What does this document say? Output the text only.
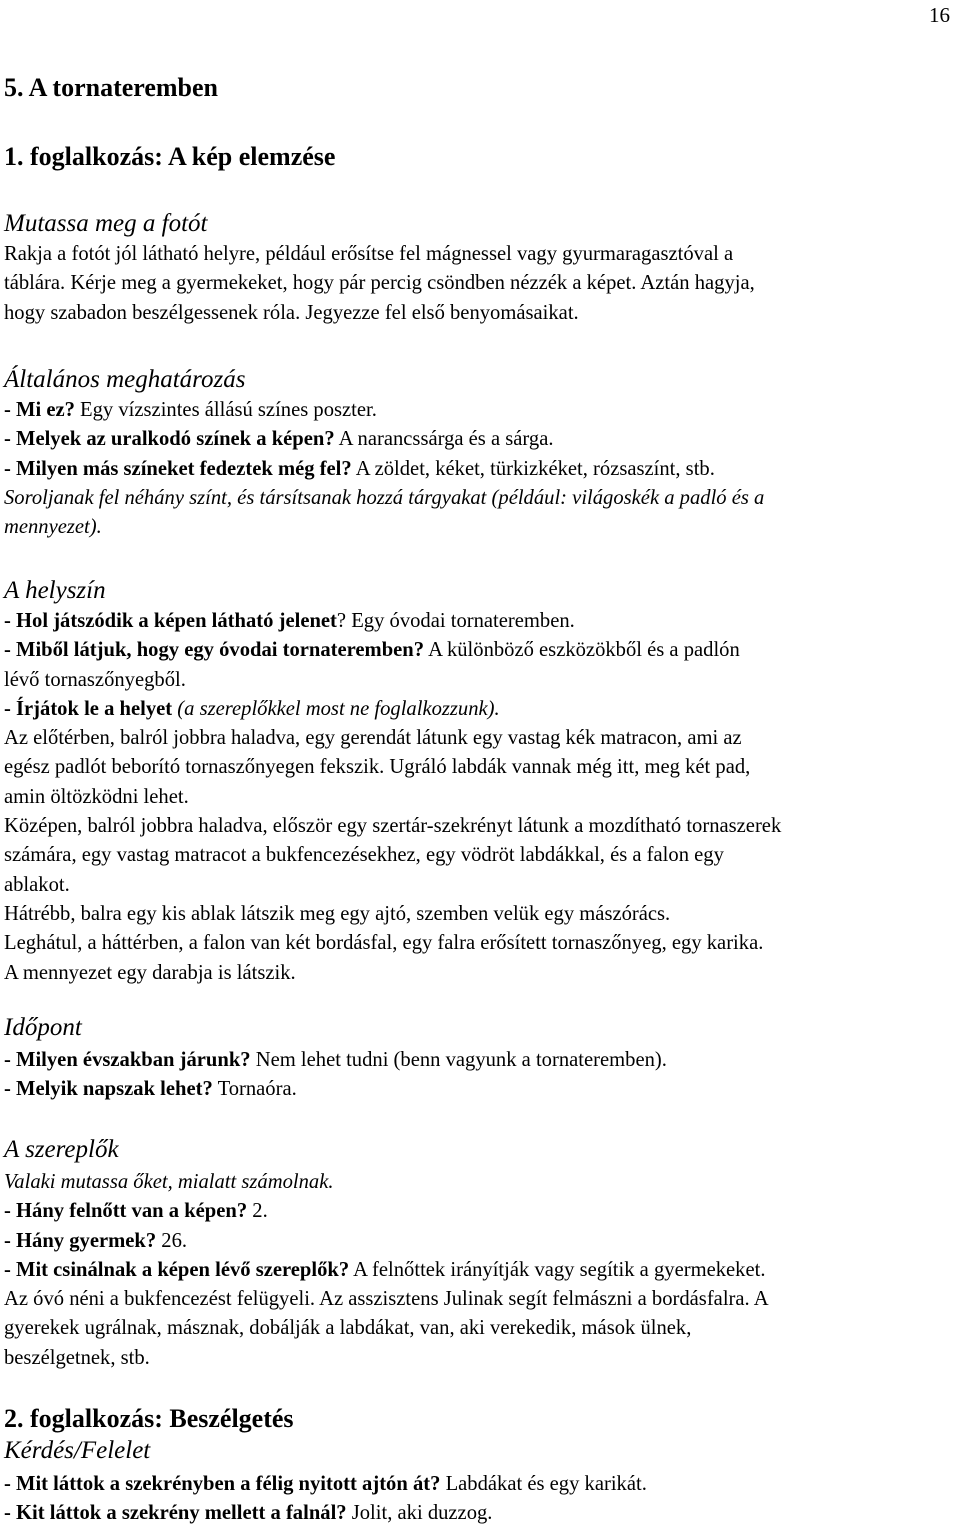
16
5. A tornateremben
1. foglalkozás: A kép elemzése
Mutassa meg a fotót
Rakja a fotót jól látható helyre, például erősítse fel mágnessel vagy gyurmaragasztóval a
táblára. Kérje meg a gyermekeket, hogy pár percig csöndben nézzék a képet. Aztán hagyja,
hogy szabadon beszélgessenek róla. Jegyezze fel első benyomásaikat.
Általános meghatározás
- Mi ez? Egy vízszintes állású színes poszter.
- Melyek az uralkodó színek a képen? A narancssárga és a sárga.
- Milyen más színeket fedeztek még fel? A zöldet, kéket, türkizkéket, rózsaszínt, stb.
Soroljanak fel néhány színt, és társítsanak hozzá tárgyakat (például: világoskék a padló és a
mennyezet).
A helyszín
- Hol játszódik a képen látható jelenet? Egy óvodai tornateremben.
- Miből látjuk, hogy egy óvodai tornateremben? A különböző eszközökből és a padlón
lévő tornaszőnyegből.
- Írjátok le a helyet (a szereplőkkel most ne foglalkozzunk).
Az előtérben, balról jobbra haladva, egy gerendát látunk egy vastag kék matracon, ami az
egész padlót beborító tornaszőnyegen fekszik. Ugráló labdák vannak még itt, meg két pad,
amin öltözködni lehet.
Középen, balról jobbra haladva, először egy szertár-szekrényt látunk a mozdítható tornaszerek
számára, egy vastag matracot a bukfencezésekhez, egy vödröt labdákkal, és a falon egy
ablakot.
Hátrébb, balra egy kis ablak látszik meg egy ajtó, szemben velük egy mászórács.
Leghátul, a háttérben, a falon van két bordásfal, egy falra erősített tornaszőnyeg, egy karika.
A mennyezet egy darabja is látszik.
Időpont
- Milyen évszakban járunk? Nem lehet tudni (benn vagyunk a tornateremben).
- Melyik napszak lehet? Tornaóra.
A szereplők
Valaki mutassa őket, mialatt számolnak.
- Hány felnőtt van a képen? 2.
- Hány gyermek? 26.
- Mit csinálnak a képen lévő szereplők? A felnőttek irányítják vagy segítik a gyermekeket.
Az óvó néni a bukfencezést felügyeli. Az asszisztens Julinak segít felmászni a bordásfalra. A
gyerekek ugrálnak, másznak, dobálják a labdákat, van, aki verekedik, mások ülnek,
beszélgetnek, stb.
2. foglalkozás: Beszélgetés
Kérdés/Felelet
- Mit láttok a szekrényben a félig nyitott ajtón át? Labdákat és egy karikát.
- Kit láttok a szekrény mellett a falnál? Jolit, aki duzzog.
